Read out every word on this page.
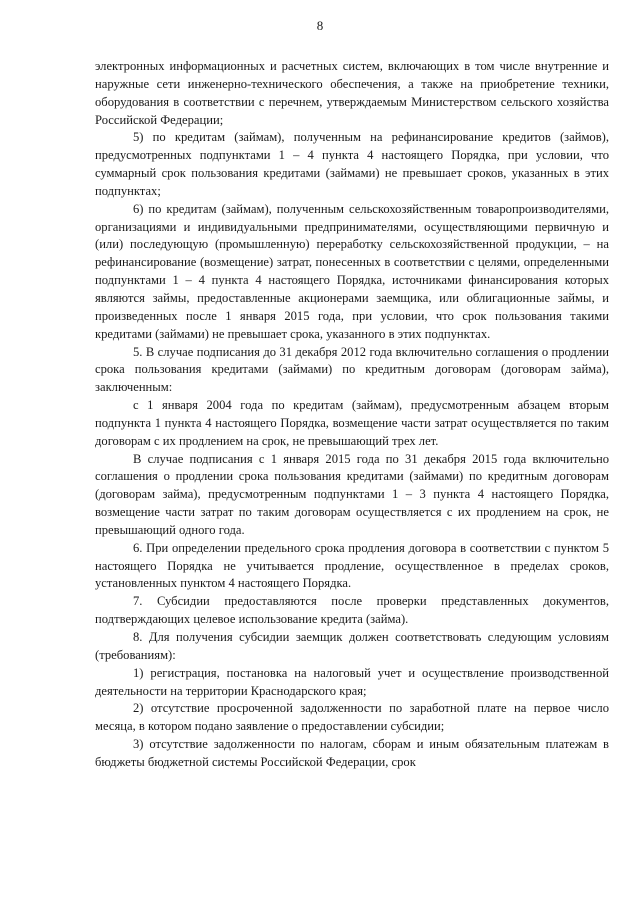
8

электронных информационных и расчетных систем, включающих в том числе внутренние и наружные сети инженерно-технического обеспечения, а также на приобретение техники, оборудования в соответствии с перечнем, утверждаемым Министерством сельского хозяйства Российской Федерации;

5) по кредитам (займам), полученным на рефинансирование кредитов (займов), предусмотренных подпунктами 1 – 4 пункта 4 настоящего Порядка, при условии, что суммарный срок пользования кредитами (займами) не превышает сроков, указанных в этих подпунктах;

6) по кредитам (займам), полученным сельскохозяйственным товаропроизводителями, организациями и индивидуальными предпринимателями, осуществляющими первичную и (или) последующую (промышленную) переработку сельскохозяйственной продукции, – на рефинансирование (возмещение) затрат, понесенных в соответствии с целями, определенными подпунктами 1 – 4 пункта 4 настоящего Порядка, источниками финансирования которых являются займы, предоставленные акционерами заемщика, или облигационные займы, и произведенных после 1 января 2015 года, при условии, что срок пользования такими кредитами (займами) не превышает срока, указанного в этих подпунктах.

5. В случае подписания до 31 декабря 2012 года включительно соглашения о продлении срока пользования кредитами (займами) по кредитным договорам (договорам займа), заключенным:

с 1 января 2004 года по кредитам (займам), предусмотренным абзацем вторым подпункта 1 пункта 4 настоящего Порядка, возмещение части затрат осуществляется по таким договорам с их продлением на срок, не превышающий трех лет.

В случае подписания с 1 января 2015 года по 31 декабря 2015 года включительно соглашения о продлении срока пользования кредитами (займами) по кредитным договорам (договорам займа), предусмотренным подпунктами 1 – 3 пункта 4 настоящего Порядка, возмещение части затрат по таким договорам осуществляется с их продлением на срок, не превышающий одного года.

6. При определении предельного срока продления договора в соответствии с пунктом 5 настоящего Порядка не учитывается продление, осуществленное в пределах сроков, установленных пунктом 4 настоящего Порядка.

7. Субсидии предоставляются после проверки представленных документов, подтверждающих целевое использование кредита (займа).

8. Для получения субсидии заемщик должен соответствовать следующим условиям (требованиям):

1) регистрация, постановка на налоговый учет и осуществление производственной деятельности на территории Краснодарского края;

2) отсутствие просроченной задолженности по заработной плате на первое число месяца, в котором подано заявление о предоставлении субсидии;

3) отсутствие задолженности по налогам, сборам и иным обязательным платежам в бюджеты бюджетной системы Российской Федерации, срок
